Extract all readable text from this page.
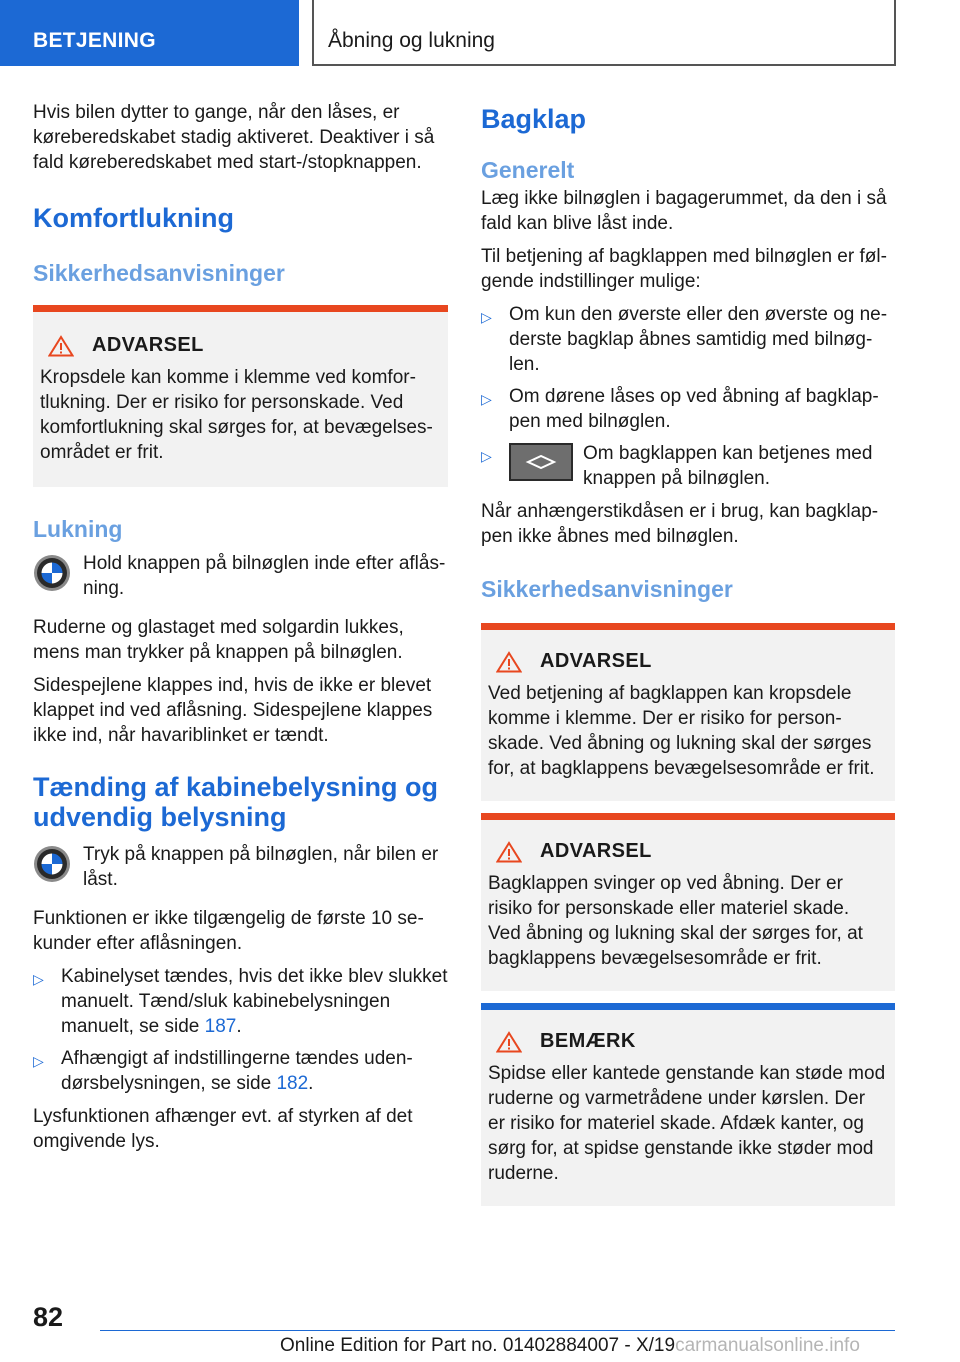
BETJENING	Åbning og lukning

Hvis bilen dytter to gange, når den låses, er køreberedskabet stadig aktiveret. Deaktiver i så fald køreberedskabet med start-/stopknappen.

Komfortlukning
Sikkerhedsanvisninger
ADVARSEL

Kropsdele kan komme i klemme ved komfortlukning. Der er risiko for personskade. Ved komfortlukning skal sørges for, at bevægelsesområdet er frit.

Lukning

Hold knappen på bilnøglen inde efter aflåsning.

Ruderne og glastaget med solgardin lukkes, mens man trykker på knappen på bilnøglen.

Sidespejlene klappes ind, hvis de ikke er blevet klappet ind ved aflåsning. Sidespejlene klappes ikke ind, når havariblinket er tændt.

Tænding af kabinebelysning og udvendig belysning

Tryk på knappen på bilnøglen, når bilen er låst.

Funktionen er ikke tilgængelig de første 10 sekunder efter aflåsningen.

▷ Kabinelyset tændes, hvis det ikke blev slukket manuelt. Tænd/sluk kabinebelysningen manuelt, se side 187.
▷ Afhængigt af indstillingerne tændes udendørsbelysningen, se side 182.

Lysfunktionen afhænger evt. af styrken af det omgivende lys.

Bagklap
Generelt

Læg ikke bilnøglen i bagagerummet, da den i så fald kan blive låst inde.

Til betjening af bagklappen med bilnøglen er følgende indstillinger mulige:

▷ Om kun den øverste eller den øverste og nederste bagklap åbnes samtidig med bilnøglen.
▷ Om dørene låses op ved åbning af bagklappen med bilnøglen.
▷	Om bagklappen kan betjenes med knappen på bilnøglen.

Når anhængerstikdåsen er i brug, kan bagklappen ikke åbnes med bilnøglen.

Sikkerhedsanvisninger
ADVARSEL

Ved betjening af bagklappen kan kropsdele komme i klemme. Der er risiko for personskade. Ved åbning og lukning skal der sørges for, at bagklappens bevægelsesområde er frit.

ADVARSEL

Bagklappen svinger op ved åbning. Der er risiko for personskade eller materiel skade. Ved åbning og lukning skal der sørges for, at bagklappens bevægelsesområde er frit.

BEMÆRK

Spidse eller kantede genstande kan støde mod ruderne og varmetrådene under kørslen. Der er risiko for materiel skade. Afdæk kanter, og sørg for, at spidse genstande ikke støder mod ruderne.

82
Online Edition for Part no. 01402884007 - X/19carmanualsonline.info
